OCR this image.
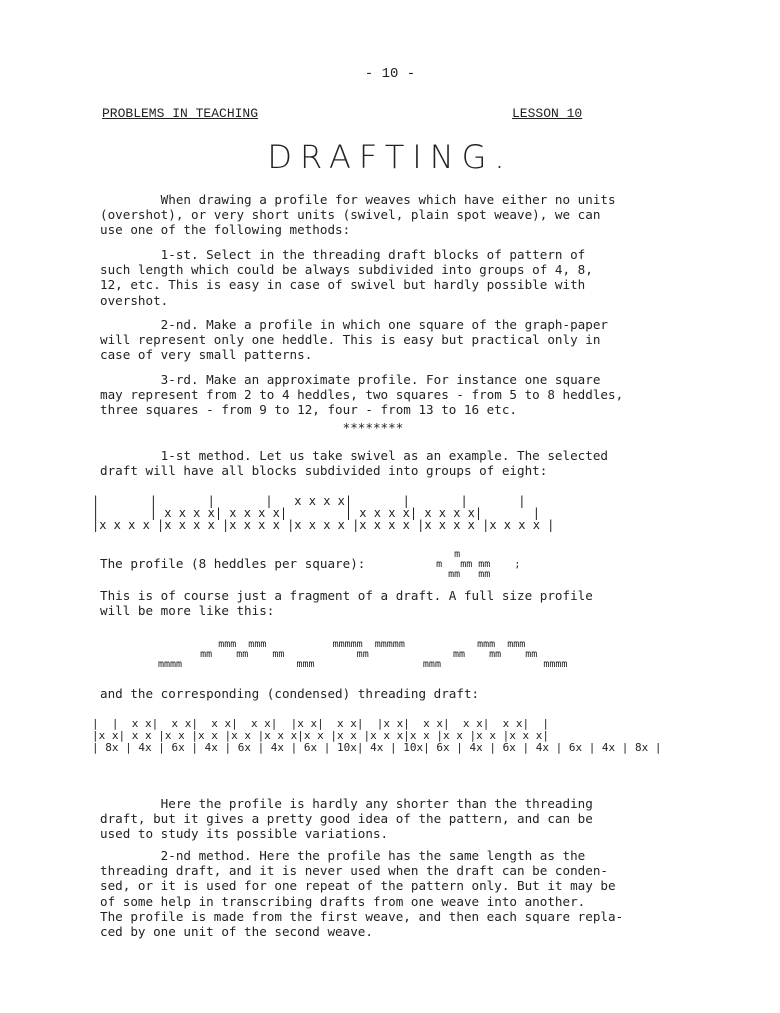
- 10 -
PROBLEMS IN TEACHING	LESSON 10
DRAFTING.
When drawing a profile for weaves which have either no units
(overshot), or very short units (swivel, plain spot weave), we can
use one of the following methods:
1-st. Select in the threading draft blocks of pattern of
such length which could be always subdivided into groups of 4, 8,
12, etc. This is easy in case of swivel but hardly possible with
overshot.
2-nd. Make a profile in which one square of the graph-paper
will represent only one heddle. This is easy but practical only in
case of very small patterns.
3-rd. Make an approximate profile. For instance one square
may represent from 2 to 4 heddles, two squares - from 5 to 8 heddles,
three squares - from 9 to 12, four - from 13 to 16 etc.
********
1-st method. Let us take swivel as an example. The selected
draft will have all blocks subdivided into groups of eight:
|       |       |       |   x x x x|       |       |       |
|       | x x x x| x x x x|        | x x x x| x x x x|       |
|x x x x |x x x x |x x x x |x x x x |x x x x |x x x x |x x x x |
The profile (8 heddles per square):
m
m   mm mm    ;
mm   mm
This is of course just a fragment of a draft. A full size profile
will be more like this:
mmm  mmm           mmmmm  mmmmm            mmm  mmm
mm    mm    mm            mm              mm    mm    mm
mmmm                   mmm                  mmm                 mmmm
and the corresponding (condensed) threading draft:
|  |  x x|  x x|  x x|  x x|  |x x|  x x|  |x x|  x x|  x x|  x x|  |
|x x| x x |x x |x x |x x |x x x|x x |x x |x x x|x x |x x |x x |x x x|
| 8x | 4x | 6x | 4x | 6x | 4x | 6x | 10x| 4x | 10x| 6x | 4x | 6x | 4x | 6x | 4x | 8x |
Here the profile is hardly any shorter than the threading
draft, but it gives a pretty good idea of the pattern, and can be
used to study its possible variations.
2-nd method. Here the profile has the same length as the
threading draft, and it is never used when the draft can be conden-
sed, or it is used for one repeat of the pattern only. But it may be
of some help in transcribing drafts from one weave into another.
The profile is made from the first weave, and then each square repla-
ced by one unit of the second weave.
